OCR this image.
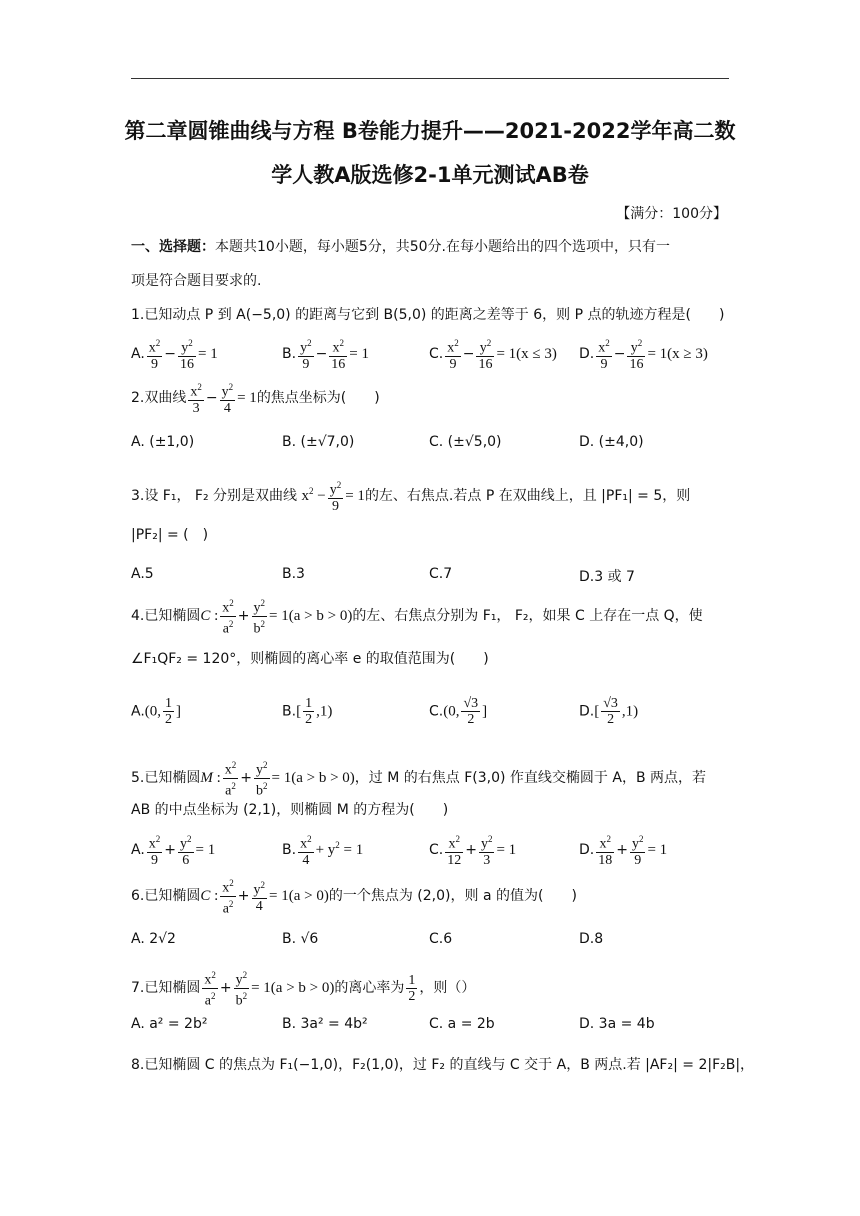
第二章圆锥曲线与方程 B卷能力提升——2021-2022学年高二数
学人教A版选修2-1单元测试AB卷
【满分：100分】
一、选择题：本题共10小题，每小题5分，共50分.在每小题给出的四个选项中，只有一
项是符合题目要求的.
1.已知动点 P 到 A(−5,0) 的距离与它到 B(5,0) 的距离之差等于 6，则 P 点的轨迹方程是(　　)
A. $\frac{x^2}{9} - \frac{y^2}{16} = 1$	B. $\frac{y^2}{9} - \frac{x^2}{16} = 1$	C. $\frac{x^2}{9} - \frac{y^2}{16} = 1(x \le 3)$ D. $\frac{x^2}{9} - \frac{y^2}{16} = 1(x \ge 3)$
2.双曲线 $\frac{x^2}{3} - \frac{y^2}{4} = 1$的焦点坐标为(　　)
A. (±1,0)	B. (±√7,0)	C. (±√5,0)	D. (±4,0)
3.设 F₁， F₂ 分别是双曲线 $x^2 - \frac{y^2}{9} = 1$的左、右焦点.若点 P 在双曲线上，且 |PF₁| = 5，则
|PF₂| = (　)
A.5	B.3	C.7	D.3 或 7
4.已知椭圆C : $\frac{x^2}{a^2} + \frac{y^2}{b^2} = 1(a > b > 0)$的左、右焦点分别为 F₁， F₂，如果 C 上存在一点 Q，使
∠F₁QF₂ = 120°，则椭圆的离心率 e 的取值范围为(　　)
A.(0, $\frac{1}{2}$ ]	$B.[ \frac{1}{2} ,1)$	C.(0, $\frac{√3}{2}$ ]	$D.[ \frac{√3}{2} ,1)$
5.已知椭圆M : $\frac{x^2}{a^2} + \frac{y^2}{b^2} = 1(a > b > 0)$，过 M 的右焦点 F(3,0) 作直线交椭圆于 A，B 两点，若
AB 的中点坐标为 (2,1)，则椭圆 M 的方程为(　　)
A. $\frac{x^2}{9} + \frac{y^2}{6} = 1$	B. $\frac{x^2}{4} + y^2 = 1$	C. $\frac{x^2}{12} + \frac{y^2}{3} = 1$	D. $\frac{x^2}{18} + \frac{y^2}{9} = 1$
6.已知椭圆C : $\frac{x^2}{a^2} + \frac{y^2}{4} = 1(a > 0)$的一个焦点为 (2,0)，则 a 的值为(　　)
A. 2√2	B. √6	C.6	D.8
7.已知椭圆 $\frac{x^2}{a^2} + \frac{y^2}{b^2} = 1(a > b > 0)$的离心率为 $\frac{1}{2}$ ，则（）
A. a² = 2b²	B. 3a² = 4b²	C. a = 2b	D. 3a = 4b
8.已知椭圆 C 的焦点为 F₁(−1,0)，F₂(1,0)，过 F₂ 的直线与 C 交于 A，B 两点.若 |AF₂| = 2|F₂B|，
